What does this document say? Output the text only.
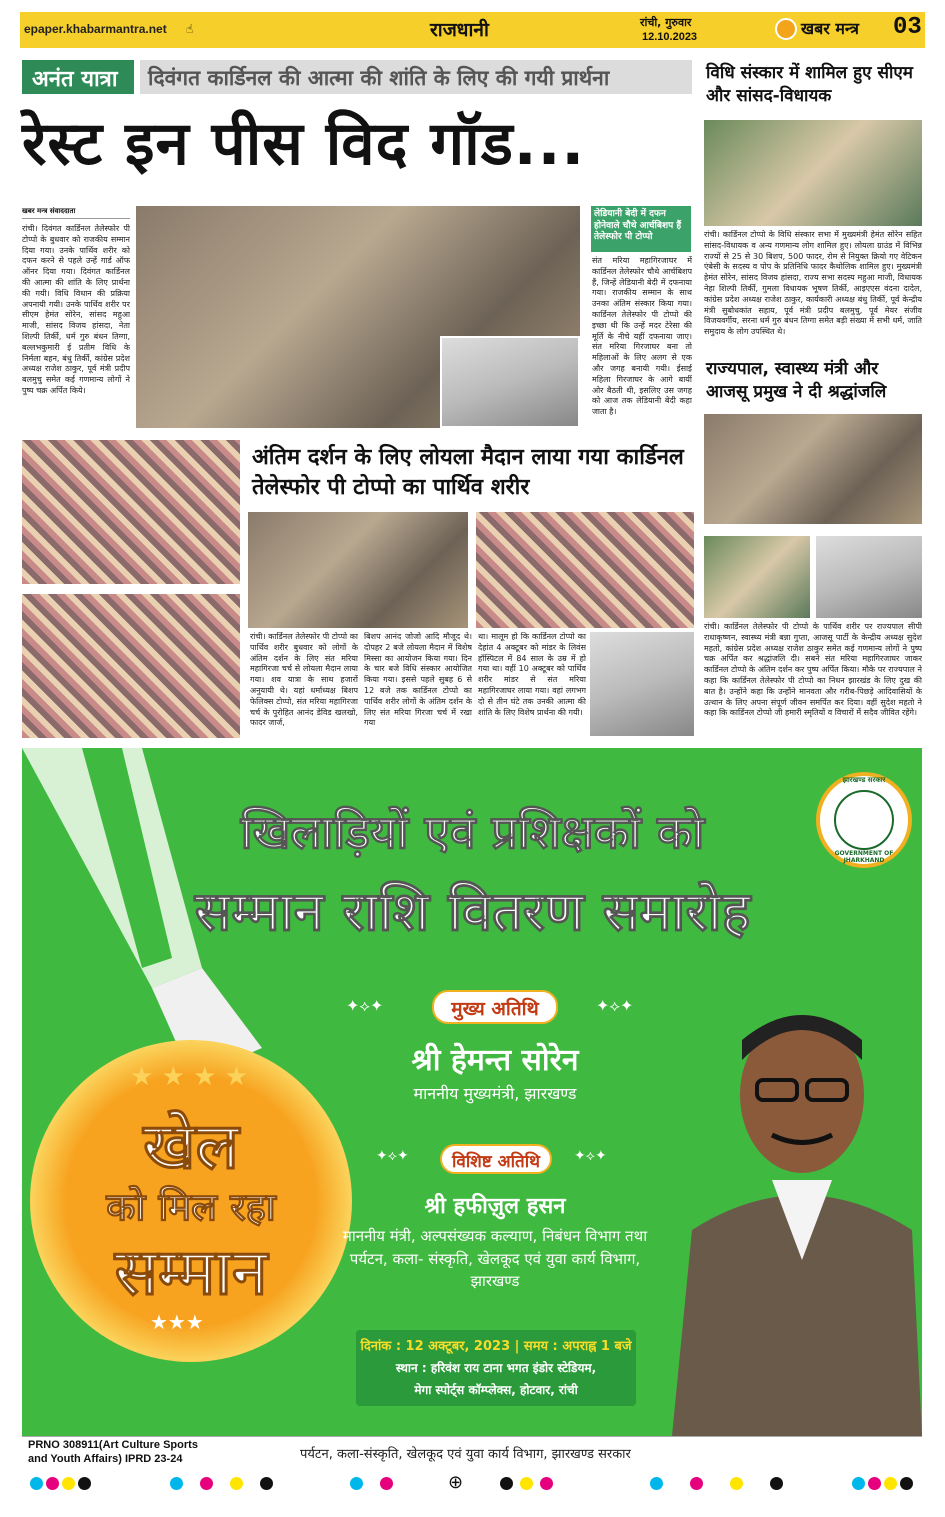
epaper.khabarmantra.net ☝	राजधानी	रांची, गुरुवार
12.10.2023	खबर मन्त्र 03
अनंत यात्रा	दिवंगत कार्डिनल की आत्मा की शांति के लिए की गयी प्रार्थना
रेस्ट इन पीस विद गॉड...
खबर मन्त्र संवाददाता
रांची। दिवंगत कार्डिनल तेलेस्फोर पी टोप्पो के बुधवार को राजकीय सम्मान दिया गया। उनके पार्थिव शरीर को दफन करने से पहले उन्हें गार्ड ऑफ ऑनर दिया गया। दिवंगत कार्डिनल की आत्मा की शांति के लिए प्रार्थना की गयी। विधि विधान की प्रक्रिया अपनायी गयी। उनके पार्थिव शरीर पर सीएम हेमंत सोरेन, सांसद महुआ माजी, सांसद विजय हांसदा, नेता शिल्पी तिर्की, धर्म गुरु बंधन तिग्गा, बल्लभकुमारी ई प्रतीम विधि के निर्मला बहन, बंधु तिर्की, कांग्रेस प्रदेश अध्यक्ष राजेश ठाकुर, पूर्व मंत्री प्रदीप बलमुचु समेत कई गणमान्य लोगों ने पुष्प चक्र अर्पित किये।
लेडियानी बेदी में दफन होनेवाले चौथे आर्चबिशप हैं तेलेस्फोर पी टोप्पो
संत मरिया महागिरजाघर में कार्डिनल तेलेस्फोर चौथे आर्चबिशप हैं, जिन्हें लेडियानी बेदी में दफनाया गया। राजकीय सम्मान के साथ उनका अंतिम संस्कार किया गया। कार्डिनल तेलेस्फोर पी टोप्पो की इच्छा थी कि उन्हें मदर टेरेसा की मूर्ति के नीचे यहीं दफनाया जाए। संत मरिया गिरजाघर बना तो महिलाओं के लिए अलग से एक और जगह बनायी गयी। ईसाई महिला गिरजाघर के आगे बायीं ओर बैठती थी, इसलिए उस जगह को आज तक लेडियानी बेदी कहा जाता है।
विधि संस्कार में शामिल हुए सीएम और सांसद-विधायक
रांची। कार्डिनल टोप्पो के विधि संस्कार सभा में मुख्यमंत्री हेमंत सोरेन सहित सांसद-विधायक व अन्य गणमान्य लोग शामिल हुए। लोयला ग्राउंड में विभिन्न राज्यों से 25 से 30 बिशप, 500 फादर, रोम से नियुक्त क्रियो गए वेटिकन एंबेसी के सदस्य व पोप के प्रतिनिधि फादर कैथोलिक शामिल हुए। मुख्यमंत्री हेमंत सोरेन, सांसद विजय हांसदा, राज्य सभा सदस्य महुआ माजी, विधायक नेहा शिल्पी तिर्की, गुमला विधायक भूषण तिर्की, आइएएस वंदना दादेल, कांग्रेस प्रदेश अध्यक्ष राजेश ठाकुर, कार्यकारी अध्यक्ष बंधु तिर्की, पूर्व केन्द्रीय मंत्री सुबोधकांत सहाय, पूर्व मंत्री प्रदीप बलमुचु, पूर्व मेयर संजीव विजयवर्गीय, सरना धर्म गुरु बंधन तिग्गा समेत बड़ी संख्या में सभी धर्म, जाति समुदाय के लोग उपस्थित थे।
राज्यपाल, स्वास्थ्य मंत्री और आजसू प्रमुख ने दी श्रद्धांजलि
रांची। कार्डिनल तेलेस्फोर पी टोप्पो के पार्थिव शरीर पर राज्यपाल सीपी राधाकृष्णन, स्वास्थ्य मंत्री बन्ना गुप्ता, आजसू पार्टी के केन्द्रीय अध्यक्ष सुदेश महतो, कांग्रेस प्रदेश अध्यक्ष राजेश ठाकुर समेत कई गणमान्य लोगों ने पुष्प चक्र अर्पित कर श्रद्धांजलि दी। सबने संत मरिया महागिरजाघर जाकर कार्डिनल टोप्पो के अंतिम दर्शन कर पुष्प अर्पित किया। मौके पर राज्यपाल ने कहा कि कार्डिनल तेलेस्फोर पी टोप्पो का निधन झारखंड के लिए दुख की बात है। उन्होंने कहा कि उन्होंने मानवता और गरीब-पिछड़े आदिवासियों के उत्थान के लिए अपना संपूर्ण जीवन समर्पित कर दिया। वहीं सुदेश महतो ने कहा कि कार्डिनल टोप्पो जी हमारी स्मृतियों व विचारों में सदैव जीवित रहेंगे।
अंतिम दर्शन के लिए लोयला मैदान लाया गया कार्डिनल तेलेस्फोर पी टोप्पो का पार्थिव शरीर
रांची। कार्डिनल तेलेस्फोर पी टोप्पो का पार्थिव शरीर बुधवार को लोगों के अंतिम दर्शन के लिए संत मरिया महागिरजा चर्च से लोयला मैदान लाया गया। शव यात्रा के साथ हजारों अनुयायी थे। यहां धर्माध्यक्ष बिशप फेलिक्स टोप्पो, संत मरिया महागिरजा चर्च के पुरोहित आनंद डेविड खलखो, फादर जार्ज,
बिशप आनंद जोजो आदि मौजूद थे। दोपहर 2 बजे लोयला मैदान में विशेष मिस्सा का आयोजन किया गया। दिन के चार बजे विधि संस्कार आयोजित किया गया। इससे पहले सुबह 6 से 12 बजे तक कार्डिनल टोप्पो का पार्थिव शरीर लोगों के अंतिम दर्शन के लिए संत मरिया गिरजा चर्च में रखा गया
था। मालूम हो कि कार्डिनल टोप्पो का देहांत 4 अक्टूबर को मांडर के लिवंस हॉस्पिटल में 84 साल के उम्र में हो गया था। वहीं 10 अक्टूबर को पार्थिव शरीर मांडर से संत मरिया महागिरजाघर लाया गया। वहां लगभग दो से तीन घंटे तक उनकी आत्मा की शांति के लिए विशेष प्रार्थना की गयी।
खिलाड़ियों एवं प्रशिक्षकों को
सम्मान राशि वितरण समारोह
झारखण्ड सरकार
GOVERNMENT OF JHARKHAND
खेल
को मिल रहा
सम्मान
★★★
★ ★ ★ ★
✦⟡✦	✦⟡✦
मुख्य अतिथि
श्री हेमन्त सोरेन
माननीय मुख्यमंत्री, झारखण्ड
✦⟡✦	✦⟡✦
विशिष्ट अतिथि
श्री हफीज़ुल हसन
माननीय मंत्री, अल्पसंख्यक कल्याण, निबंधन विभाग तथा पर्यटन, कला- संस्कृति, खेलकूद एवं युवा कार्य विभाग, झारखण्ड
दिनांक : 12 अक्टूबर, 2023 | समय : अपराह्न 1 बजे
स्थान : हरिवंश राय टाना भगत इंडोर स्टेडियम,
मेगा स्पोर्ट्स कॉम्प्लेक्स, होटवार, रांची
PRNO 308911(Art Culture Sports
and Youth Affairs) IPRD 23-24	पर्यटन, कला-संस्कृति, खेलकूद एवं युवा कार्य विभाग, झारखण्ड सरकार
⊕
